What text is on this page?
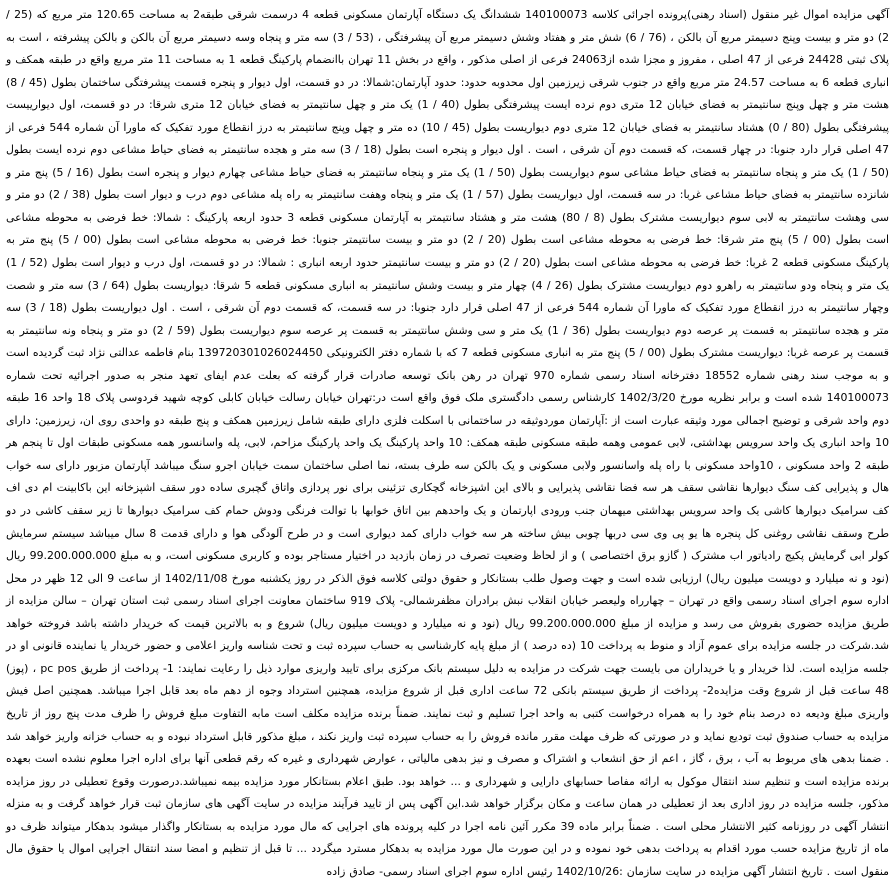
آگهی مزایده اموال غیر منقول (اسناد رهنی)پرونده اجرائی کلاسه 140100073 ششدانگ یک دستگاه آپارتمان مسکونی قطعه 4 درسمت شرقی طبقه2 به مساحت 120.65 متر مربع که (25 / 2) دو متر و بیست وپنج دسیمتر مربع آن بالکن ، (76 / 6) شش متر و هفتاد وشش دسیمتر مربع آن پیشرفتگی ، (53 / 3) سه متر و پنجاه وسه دسیمتر مربع آن بالکن و بالکن پیشرفته ، است به پلاک ثبتی 24428 فرعی از 47 اصلی ، مفروز و مجزا شده از24063 فرعی از اصلی مذکور ، واقع در بخش 11 تهران باانضمام پارکینگ قطعه 1 به مساحت 11 متر مربع واقع در طبقه همکف و انباری قطعه 6 به مساحت 24.57 متر مربع واقع در جنوب شرقی زیرزمین اول محدوبه حدود: حدود آپارتمان:شمالا: در دو قسمت، اول دیوار و پنجره قسمت پیشرفتگی ساختمان بطول (45 / 8) هشت متر و چهل وپنج سانتیمتر به فضای خیابان 12 متری دوم نرده ایست پیشرفتگی بطول (40 / 1) یک متر و چهل سانتیمتر به فضای خیابان 12 متری شرقا: در دو قسمت، اول دیوارییست پیشرفتگی بطول (80 / 0) هشتاد سانتیمتر به فضای خیابان 12 متری دوم دیواریست بطول (45 / 10) ده متر و چهل وپنج سانتیمتر به درز انقطاع مورد تفکیک که ماورا آن شماره 544 فرعی از 47 اصلی قرار دارد جنوبا: در چهار قسمت، که قسمت دوم آن شرقی ، است . اول دیوار و پنجره است بطول (18 / 3) سه متر و هجده سانتیمتر به فضای حیاط مشاعی دوم نرده ایست بطول (50 / 1) یک متر و پنجاه سانتیمتر به فضای حیاط مشاعی سوم دیواریست بطول (50 / 1) یک متر و پنجاه سانتیمتر به فضای حیاط مشاعی چهارم دیوار و پنجره است بطول (16 / 5) پنج متر و شانزده سانتیمتر به فضای حیاط مشاعی غربا: در سه قسمت، اول دیواریست بطول (57 / 1) یک متر و پنجاه وهفت سانتیمتر به راه پله مشاعی دوم درب و دیوار است بطول (38 / 2) دو متر و سی وهشت سانتیمتر به لابی سوم دیواریست مشترک بطول (8 / 80) هشت متر و هشتاد سانتیمتر به آپارتمان مسکونی قطعه 3 حدود اربعه پارکینگ : شمالا: خط فرضی به محوطه مشاعی است بطول (00 / 5) پنج متر شرقا: خط فرضی به محوطه مشاعی است بطول (20 / 2) دو متر و بیست سانتیمتر جنوبا: خط فرضی به محوطه مشاعی است بطول (00 / 5) پنج متر به پارکینگ مسکونی قطعه 2 غربا: خط فرضی به محوطه مشاعی است بطول (20 / 2) دو متر و بیست سانتیمتر حدود اربعه انباری : شمالا: در دو قسمت، اول درب و دیوار است بطول (52 / 1) یک متر و پنجاه ودو سانتیمتر به راهرو دوم دیواریست مشترک بطول (26 / 4) چهار متر و بیست وشش سانتیمتر به انباری مسکونی قطعه 5 شرقا: دیواریست بطول (64 / 3) سه متر و شصت وچهار سانتیمتر به درز انقطاع مورد تفکیک که ماورا آن شماره 544 فرعی از 47 اصلی قرار دارد جنوبا: در سه قسمت، که قسمت دوم آن شرقی ، است . اول دیواریست بطول (18 / 3) سه متر و هجده سانتیمتر به قسمت پر عرصه دوم دیواریست بطول (36 / 1) یک متر و سی وشش سانتیمتر به قسمت پر عرصه سوم دیواریست بطول (59 / 2) دو متر و پنجاه ونه سانتیمتر به قسمت پر عرصه غربا: دیواریست مشترک بطول (00 / 5) پنج متر به انباری مسکونی قطعه 7 که با شماره دفتر الکترونیکی 139720301026024450 بنام فاطمه عدالتی نژاد ثبت گردیده است و به موجب سند رهنی شماره 18552 دفترخانه اسناد رسمی شماره 970 تهران در رهن بانک توسعه صادرات قرار گرفته که بعلت عدم ایفای تعهد منجر به صدور اجرائیه تحت شماره 140100073 شده است و برابر نظریه مورخ 1402/3/20 کارشناس رسمی دادگستری ملک فوق واقع است در:تهران خیابان رسالت خیابان کابلی کوچه شهید فردوسی پلاک 18 واحد 16 طبقه دوم واحد شرقی و توضیح اجمالی مورد وثیقه عبارت است از :آپارتمان موردوثیقه در ساختمانی با اسکلت فلزی دارای طبقه شامل زیرزمین همکف و پنج طبقه دو واحدی روی ان، زیرزمین: دارای 10 واحد انباری یک واحد سرویس بهداشتی، لابی عمومی وهمه طبقه مسکونی طبقه همکف: 10 واحد پارکینگ یک واحد پارکینگ مزاحم، لابی، پله واسانسور همه مسکونی طبقات اول تا پنجم هر طبقه 2 واحد مسکونی ، 10واحد مسکونی با راه پله واسانسور ولابی مسکونی و یک بالکن سه طرف بسته، نما اصلی ساختمان سمت خیابان اجرو سنگ میباشد آپارتمان مزبور دارای سه خواب هال و پذیرایی کف سنگ دیوارها نقاشی سقف هر سه فضا نقاشی پذیرایی و بالای این اشپزخانه گچکاری تزئینی برای نور پردازی واتاق گچبری ساده دور سقف اشپزخانه این باکابینت ام دی اف کف سرامیک دیوارها کاشی یک واحد سرویس بهداشتی میهمان جنب ورودی اپارتمان و یک واحدهم بین اتاق خوابها با توالت فرنگی ودوش حمام کف سرامیک دیوارها تا زیر سقف کاشی در دو طرح وسقف نقاشی روغنی کل پنجره ها یو پی وی سی دربها چوبی بیش ساخته هر سه خواب دارای کمد دیواری است و در طرح آلودگی هوا و دارای قدمت 8 سال میباشد سیستم سرمایش کولر ابی گرمایش پکیج رادیاتور اب مشترک ( گازو برق اختصاصی ) و از لحاظ وضعیت تصرف در زمان بازدید در اختیار مستاجر بوده و کاربری مسکونی است، و به مبلغ 99.200.000.000 ریال (نود و نه میلیارد و دویست میلیون ریال) ارزیابی شده است و جهت وصول طلب بستانکار و حقوق دولتی کلاسه فوق الذکر در روز یکشنبه مورخ 1402/11/08 از ساعت 9 الی 12 ظهر در محل اداره سوم اجرای اسناد رسمی واقع در تهران – چهارراه ولیعصر خیابان انقلاب نبش برادران مظفرشمالی- پلاک 919 ساختمان معاونت اجرای اسناد رسمی ثبت استان تهران – سالن مزایده از طریق مزایده حضوری بفروش می رسد و مزایده از مبلغ 99.200.000.000 ریال (نود و نه میلیارد و دویست میلیون ریال) شروع و به بالاترین قیمت که خریدار داشته باشد فروخته خواهد شد.شرکت در جلسه مزایده برای عموم آزاد و منوط به پرداخت 10 (ده درصد ) از مبلغ پایه کارشناسی به حساب سپرده ثبت و تحت شناسه واریز اعلامی و حضور خریدار یا نماینده قانونی او در جلسه مزایده است. لذا خریدار و یا خریداران می بایست جهت شرکت در مزایده به دلیل سیستم بانک مرکزی برای تایید واریزی موارد ذیل را رعایت نمایند: 1- پرداخت از طریق pc pos ، (پوز) 48 ساعت قبل از شروع وقت مزایده2- پرداخت از طریق سیستم بانکی 72 ساعت اداری قبل از شروع مزایده، همچنین استرداد وجوه از دهم ماه بعد قابل اجرا میباشد. همچنین اصل فیش واریزی مبلغ ودیعه ده درصد بنام خود را به همراه درخواست کتبی به واحد اجرا تسلیم و ثبت نمایند. ضمناً برنده مزایده مکلف است مابه التفاوت مبلغ فروش را ظرف مدت پنج روز از تاریخ مزایده به حساب صندوق ثبت تودیع نماید و در صورتی که ظرف مهلت مقرر مانده فروش را به حساب سپرده ثبت واریز نکند ، مبلغ مذکور قابل استرداد نبوده و به حساب خزانه واریز خواهد شد . ضمنا بدهی های مربوط به آب ، برق ، گاز ، اعم از حق انشعاب و اشتراک و مصرف و نیز بدهی مالیاتی ، عوارض شهرداری و غیره که رقم قطعی آنها برای اداره اجرا معلوم نشده است بعهده برنده مزایده است و تنظیم سند انتقال موکول به ارائه مفاصا حسابهای دارایی و شهرداری و ... خواهد بود. طبق اعلام بستانکار مورد مزایده بیمه نمیباشد.درصورت وقوع تعطیلی در روز مزایده مذکور، جلسه مزایده در روز اداری بعد از تعطیلی در همان ساعت و مکان برگزار خواهد شد.این آگهی پس از تایید فرآیند مزایده در سایت آگهی های سازمان ثبت قرار خواهد گرفت و به منزله انتشار آگهی در روزنامه کثیر الانتشار محلی است . ضمناً برابر ماده 39 مکرر آئین نامه اجرا در کلیه پرونده های اجرایی که مال مورد مزایده به بستانکار واگذار میشود بدهکار میتواند ظرف دو ماه از تاریخ مزایده حسب مورد اقدام به پرداخت بدهی خود نموده و در این صورت مال مورد مزایده به بدهکار مسترد میگردد ... تا قبل از تنظیم و امضا سند انتقال اجرایی اموال یا حقوق مال منقول است . تاریخ انتشار آگهی مزایده در سایت سازمان :1402/10/26 رئیس اداره سوم اجرای اسناد رسمی- صادق زاده
